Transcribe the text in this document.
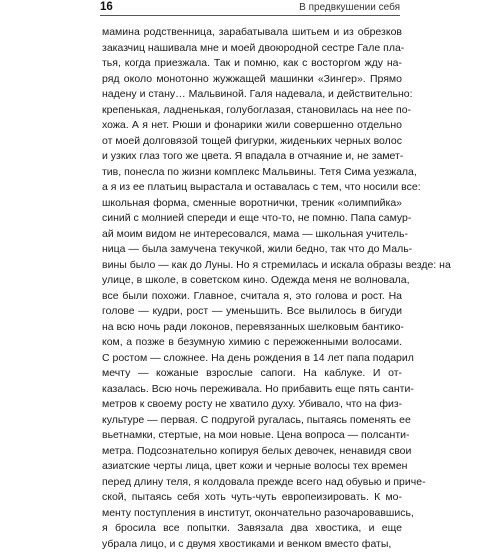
16	В предвкушении себя
мамина родственница, зарабатывала шитьем и из обрезков
заказчиц нашивала мне и моей двоюродной сестре Гале пла-
тья, когда приезжала. Так и помню, как с восторгом жду на-
ряд около монотонно жужжащей машинки «Зингер». Прямо
надену и стану… Мальвиной. Галя надевала, и действительно:
крепенькая, ладненькая, голубоглазая, становилась на нее по-
хожа. А я нет. Рюши и фонарики жили совершенно отдельно
от моей долговязой тощей фигурки, жиденьких черных волос
и узких глаз того же цвета. Я впадала в отчаяние и, не замет-
тив, понесла по жизни комплекс Мальвины. Тетя Сима уезжала,
а я из ее платьиц вырастала и оставалась с тем, что носили все:
школьная форма, сменные воротнички, треник «олимпийка»
синий с молнией спереди и еще что-то, не помню. Папа самур-
ай моим видом не интересовался, мама — школьная учитель-
ница — была замучена текучкой, жили бедно, так что до Маль-
вины было — как до Луны. Но я стремилась и искала образы везде: на
улице, в школе, в советском кино. Одежда меня не волновала,
все были похожи. Главное, считала я, это голова и рост. На
голове — кудри, рост — уменьшить. Все вылилось в бигуди
на всю ночь ради локонов, перевязанных шелковым бантико-
ком, а позже в безумную химию с пережженными волосами.
С ростом — сложнее. На день рождения в 14 лет папа подарил
мечту — кожаные взрослые сапоги. На каблуке. И от-
казалась. Всю ночь переживала. Но прибавить еще пять санти-
метров к своему росту не хватило духу. Убивало, что на физ-
культуре — первая. С подругой ругалась, пытаясь поменять ее
вьетнамки, стертые, на мои новые. Цена вопроса — полсанти-
метра. Подсознательно копируя белых девочек, ненавидя свои
азиатские черты лица, цвет кожи и черные волосы тех времен
перед длину теля, я колдовала прежде всего над обувью и приче-
ской, пытаясь себя хоть чуть-чуть европеизировать. К мо-
менту поступления в институт, окончательно разочаровавшись,
я бросила все попытки. Завязала два хвостика, и еще
убрала лицо, и с двумя хвостиками и венком вместо фаты,
